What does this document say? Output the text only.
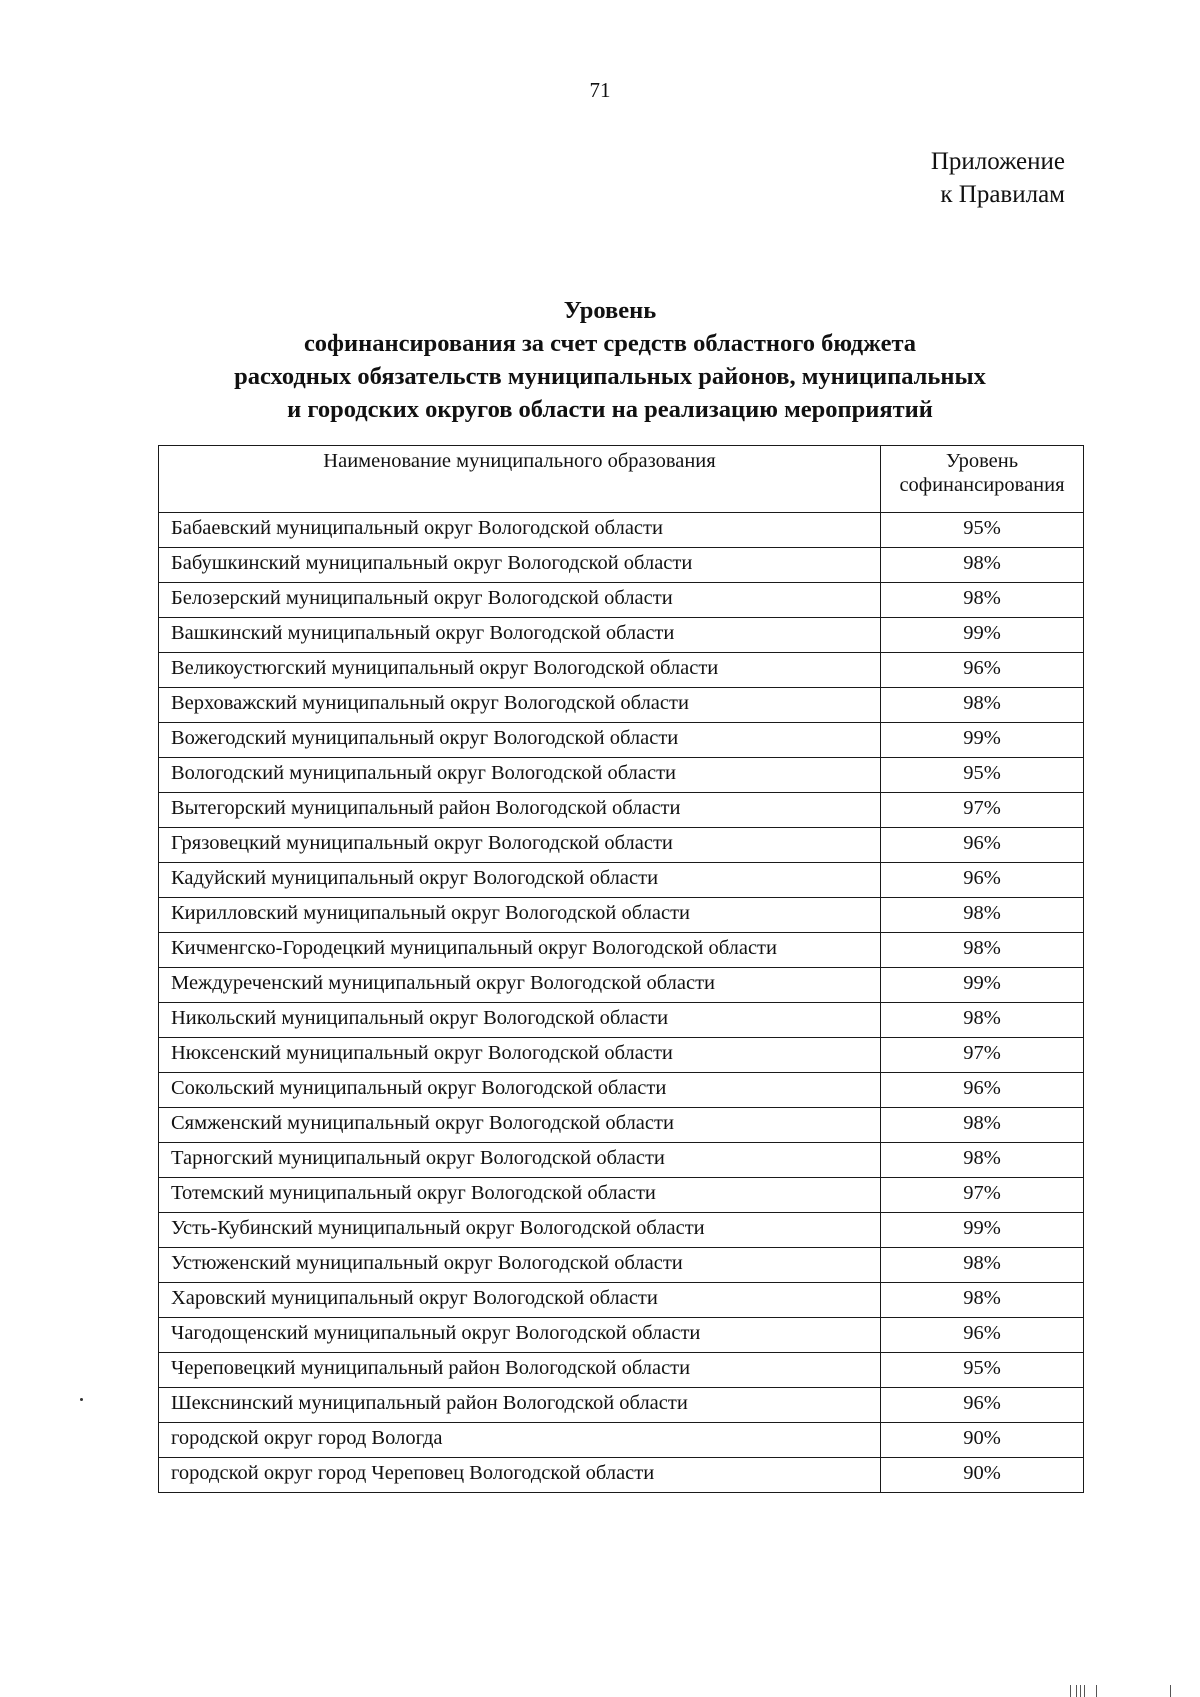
71
Приложение
к Правилам
Уровень
софинансирования за счет средств областного бюджета
расходных обязательств муниципальных районов, муниципальных
и городских округов области на реализацию мероприятий
Наименование муниципального образования	Уровень
софинансирования

Бабаевский муниципальный округ Вологодской области	95%
Бабушкинский муниципальный округ Вологодской области	98%
Белозерский муниципальный округ Вологодской области	98%
Вашкинский муниципальный округ Вологодской области	99%
Великоустюгский муниципальный округ Вологодской области	96%
Верховажский муниципальный округ Вологодской области	98%
Вожегодский муниципальный округ Вологодской области	99%
Вологодский муниципальный округ Вологодской области	95%
Вытегорский муниципальный район Вологодской области	97%
Грязовецкий муниципальный округ Вологодской области	96%
Кадуйский муниципальный округ Вологодской области	96%
Кирилловский муниципальный округ Вологодской области	98%
Кичменгско-Городецкий муниципальный округ Вологодской области	98%
Междуреченский муниципальный округ Вологодской области	99%
Никольский муниципальный округ Вологодской области	98%
Нюксенский муниципальный округ Вологодской области	97%
Сокольский муниципальный округ Вологодской области	96%
Сямженский муниципальный округ Вологодской области	98%
Тарногский муниципальный округ Вологодской области	98%
Тотемский муниципальный округ Вологодской области	97%
Усть-Кубинский муниципальный округ Вологодской области	99%
Устюженский муниципальный округ Вологодской области	98%
Харовский муниципальный округ Вологодской области	98%
Чагодощенский муниципальный округ Вологодской области	96%
Череповецкий муниципальный район Вологодской области	95%
Шекснинский муниципальный район Вологодской области	96%
городской округ город Вологда	90%
городской округ город Череповец Вологодской области	90%
